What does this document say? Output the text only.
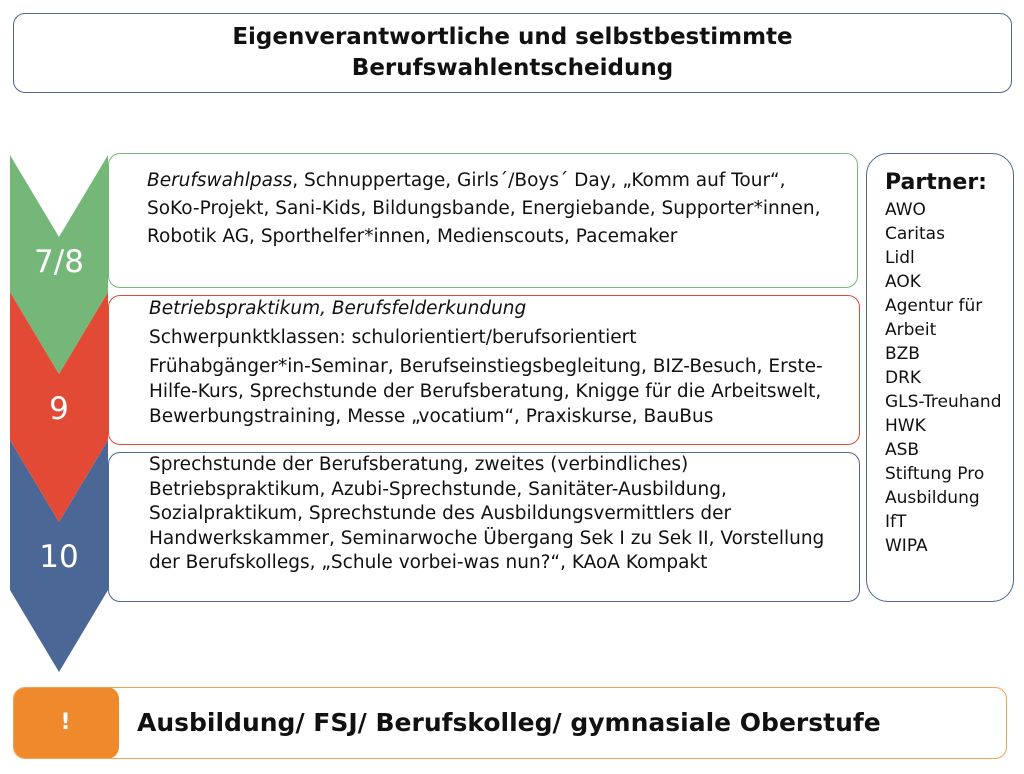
Eigenverantwortliche und selbstbestimmte
Berufswahlentscheidung
7/8
9
10

Berufswahlpass, Schnuppertage, Girls´/Boys´ Day, „Komm auf Tour“, SoKo-Projekt, Sani-Kids, Bildungsbande, Energiebande, Supporter*innen, Robotik AG, Sporthelfer*innen, Medienscouts, Pacemaker

Betriebspraktikum, Berufsfelderkundung

Schwerpunktklassen: schulorientiert/berufsorientiert

Frühabgänger*in-Seminar, Berufseinstiegsbegleitung, BIZ-Besuch, Erste-Hilfe-Kurs, Sprechstunde der Berufsberatung, Knigge für die Arbeitswelt, Bewerbungstraining, Messe „vocatium“, Praxiskurse, BauBus

Sprechstunde der Berufsberatung, zweites (verbindliches) Betriebspraktikum, Azubi-Sprechstunde, Sanitäter-Ausbildung, Sozialpraktikum, Sprechstunde des Ausbildungsvermittlers der Handwerkskammer, Seminarwoche Übergang Sek I zu Sek II, Vorstellung der Berufskollegs, „Schule vorbei-was nun?“, KAoA Kompakt

Partner:
AWO
Caritas
Lidl
AOK
Agentur für Arbeit
BZB
DRK
GLS-Treuhand
HWK
ASB
Stiftung Pro Ausbildung
IfT
WIPA
!	Ausbildung/ FSJ/ Berufskolleg/ gymnasiale Oberstufe
